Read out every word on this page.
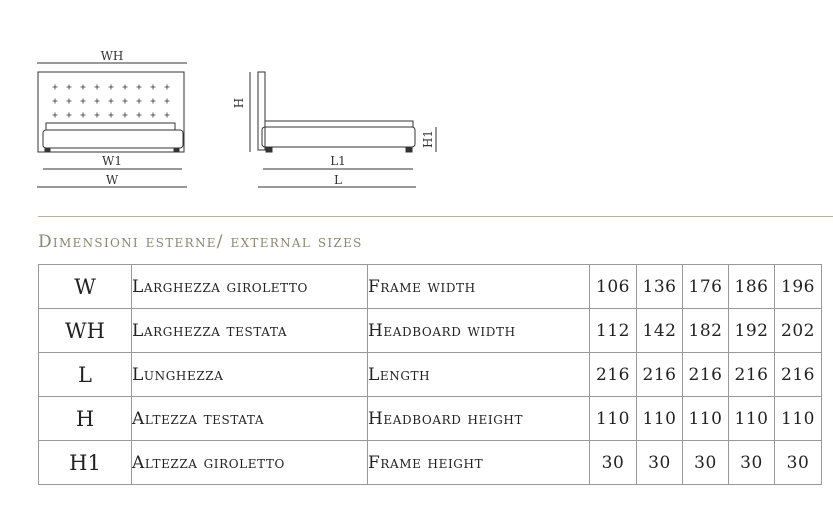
WH
W1
W
H
H1
L1
L
Dimensioni esterne/ external sizes
W	Larghezza giroletto	Frame width	106	136	176	186	196
WH	Larghezza testata	Headboard width	112	142	182	192	202
L	Lunghezza	Length	216	216	216	216	216
H	Altezza testata	Headboard height	110	110	110	110	110
H1	Altezza giroletto	Frame height	30	30	30	30	30
